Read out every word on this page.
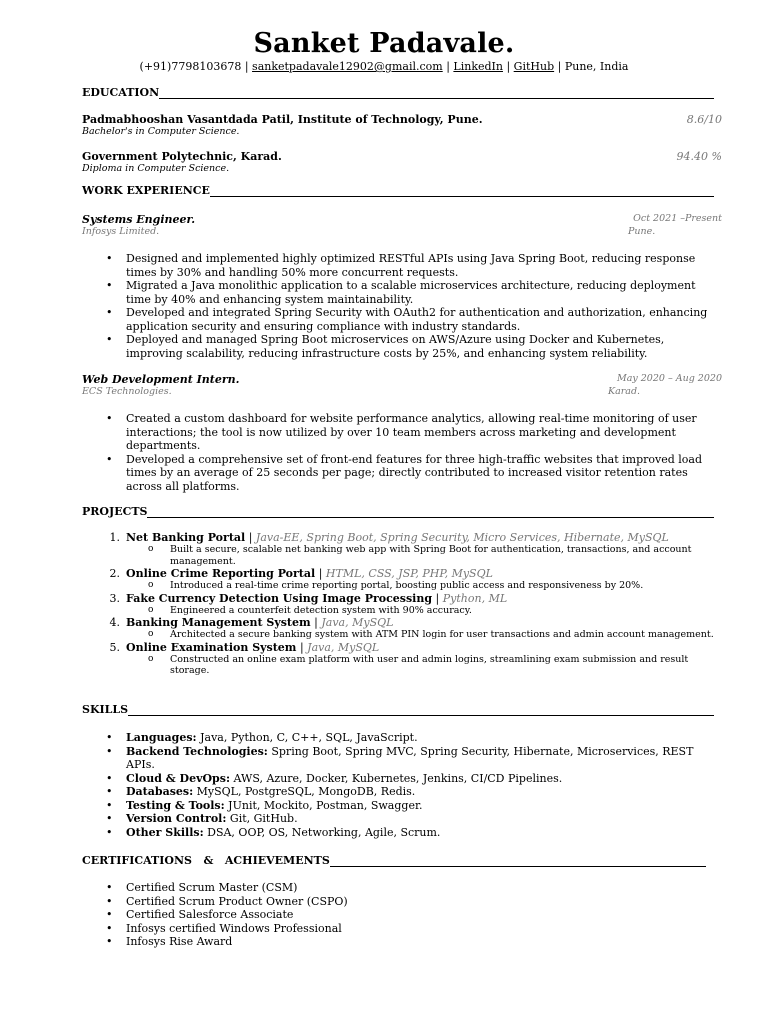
Sanket Padavale.
(+91)7798103678 | sanketpadavale12902@gmail.com | LinkedIn | GitHub | Pune, India
EDUCATION
Padmabhooshan Vasantdada Patil, Institute of Technology, Pune.	8.6/10
Bachelor's in Computer Science.
Government Polytechnic, Karad.	94.40 %
Diploma in Computer Science.
WORK EXPERIENCE
Systems Engineer.	Oct 2021 –Present
Infosys Limited.	Pune.
• Designed and implemented highly optimized RESTful APIs using Java Spring Boot, reducing response times by 30% and handling 50% more concurrent requests.
• Migrated a Java monolithic application to a scalable microservices architecture, reducing deployment time by 40% and enhancing system maintainability.
• Developed and integrated Spring Security with OAuth2 for authentication and authorization, enhancing application security and ensuring compliance with industry standards.
• Deployed and managed Spring Boot microservices on AWS/Azure using Docker and Kubernetes, improving scalability, reducing infrastructure costs by 25%, and enhancing system reliability.
Web Development Intern.	May 2020 – Aug 2020
ECS Technologies.	Karad.
• Created a custom dashboard for website performance analytics, allowing real-time monitoring of user interactions; the tool is now utilized by over 10 team members across marketing and development departments.
• Developed a comprehensive set of front-end features for three high-traffic websites that improved load times by an average of 25 seconds per page; directly contributed to increased visitor retention rates across all platforms.
PROJECTS
1. Net Banking Portal | Java-EE, Spring Boot, Spring Security, Micro Services, Hibernate, MySQL
o Built a secure, scalable net banking web app with Spring Boot for authentication, transactions, and account management.
2. Online Crime Reporting Portal | HTML, CSS, JSP, PHP, MySQL
o Introduced a real-time crime reporting portal, boosting public access and responsiveness by 20%.
3. Fake Currency Detection Using Image Processing | Python, ML
o Engineered a counterfeit detection system with 90% accuracy.
4. Banking Management System | Java, MySQL
o Architected a secure banking system with ATM PIN login for user transactions and admin account management.
5. Online Examination System | Java, MySQL
o Constructed an online exam platform with user and admin logins, streamlining exam submission and result storage.
SKILLS
• Languages: Java, Python, C, C++, SQL, JavaScript.
• Backend Technologies: Spring Boot, Spring MVC, Spring Security, Hibernate, Microservices, REST APIs.
• Cloud & DevOps: AWS, Azure, Docker, Kubernetes, Jenkins, CI/CD Pipelines.
• Databases: MySQL, PostgreSQL, MongoDB, Redis.
• Testing & Tools: JUnit, Mockito, Postman, Swagger.
• Version Control: Git, GitHub.
• Other Skills: DSA, OOP, OS, Networking, Agile, Scrum.
CERTIFICATIONS   &   ACHIEVEMENTS
• Certified Scrum Master (CSM)
• Certified Scrum Product Owner (CSPO)
• Certified Salesforce Associate
• Infosys certified Windows Professional
• Infosys Rise Award
